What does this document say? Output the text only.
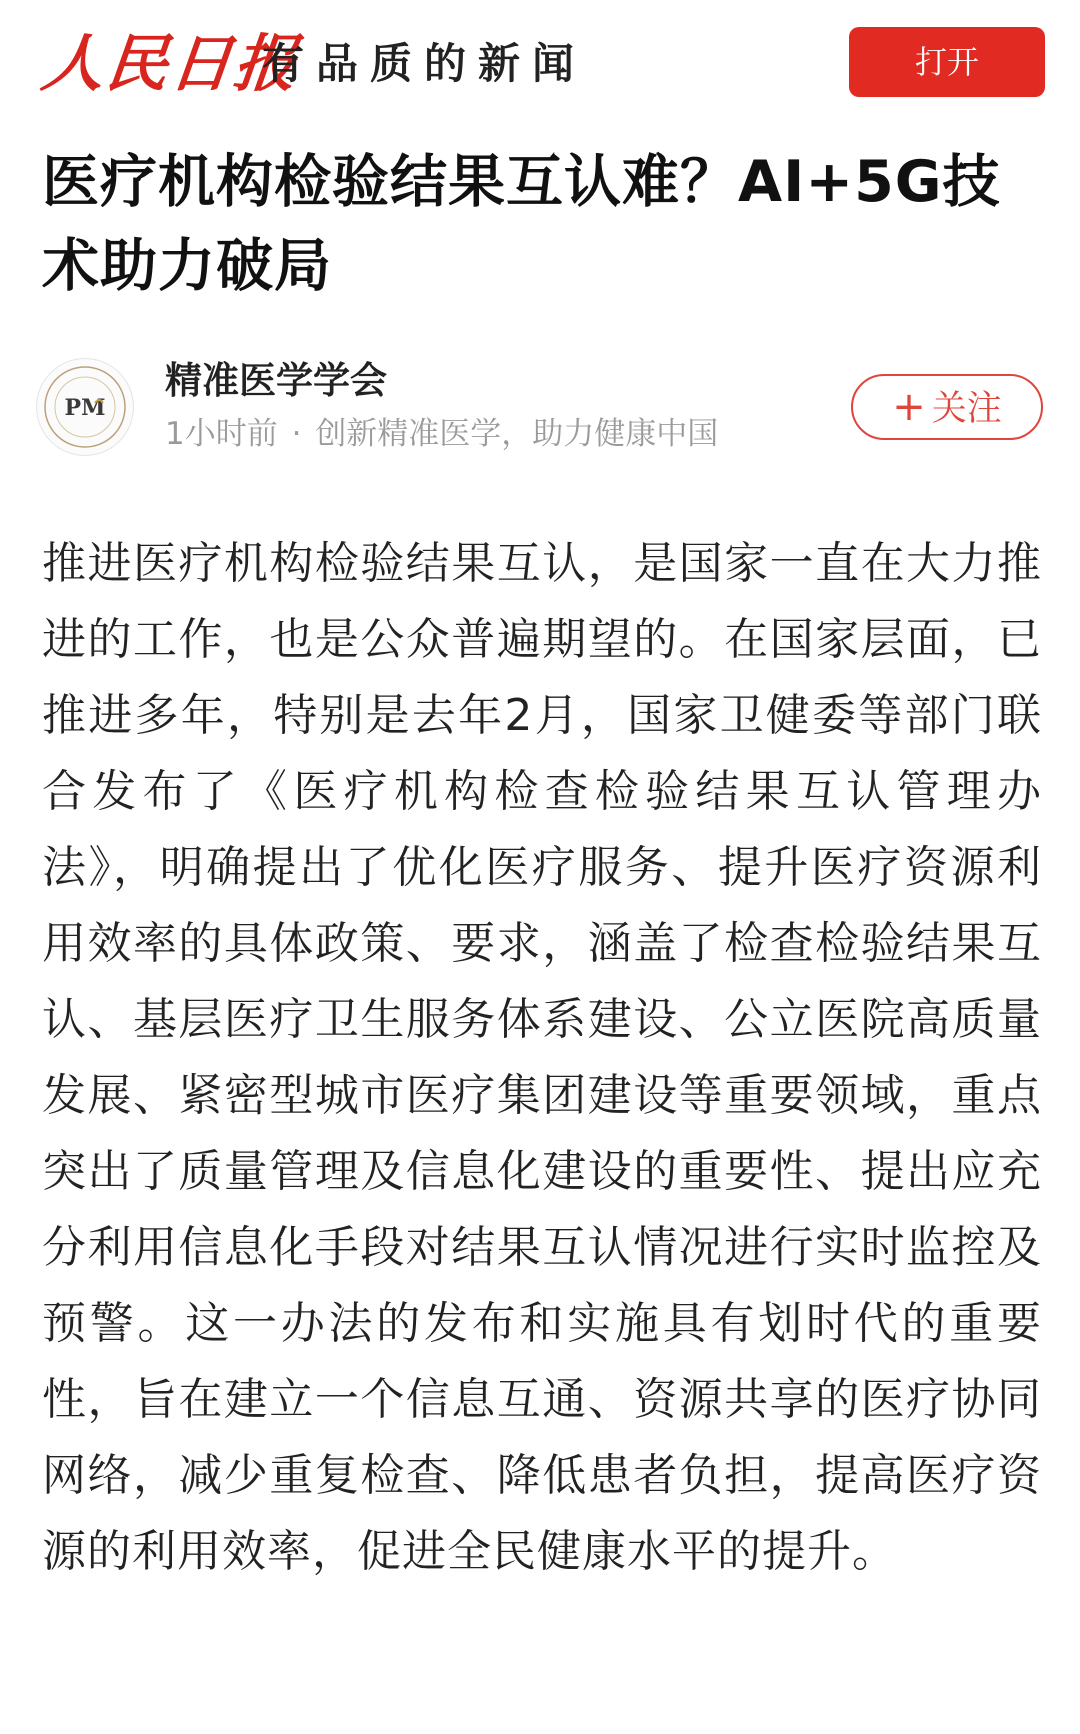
人民日报
有品质的新闻	打开
医疗机构检验结果互认难？AI+5G技术助力破局
PM
精准医学学会
1小时前 · 创新精准医学，助力健康中国
+ 关注

推进医疗机构检验结果互认，是国家一直在大力推进的工作，也是公众普遍期望的。在国家层面，已推进多年，特别是去年2月，国家卫健委等部门联合发布了《医疗机构检查检验结果互认管理办法》，明确提出了优化医疗服务、提升医疗资源利用效率的具体政策、要求，涵盖了检查检验结果互认、基层医疗卫生服务体系建设、公立医院高质量发展、紧密型城市医疗集团建设等重要领域，重点突出了质量管理及信息化建设的重要性、提出应充分利用信息化手段对结果互认情况进行实时监控及预警。这一办法的发布和实施具有划时代的重要性，旨在建立一个信息互通、资源共享的医疗协同网络，减少重复检查、降低患者负担，提高医疗资源的利用效率，促进全民健康水平的提升。
